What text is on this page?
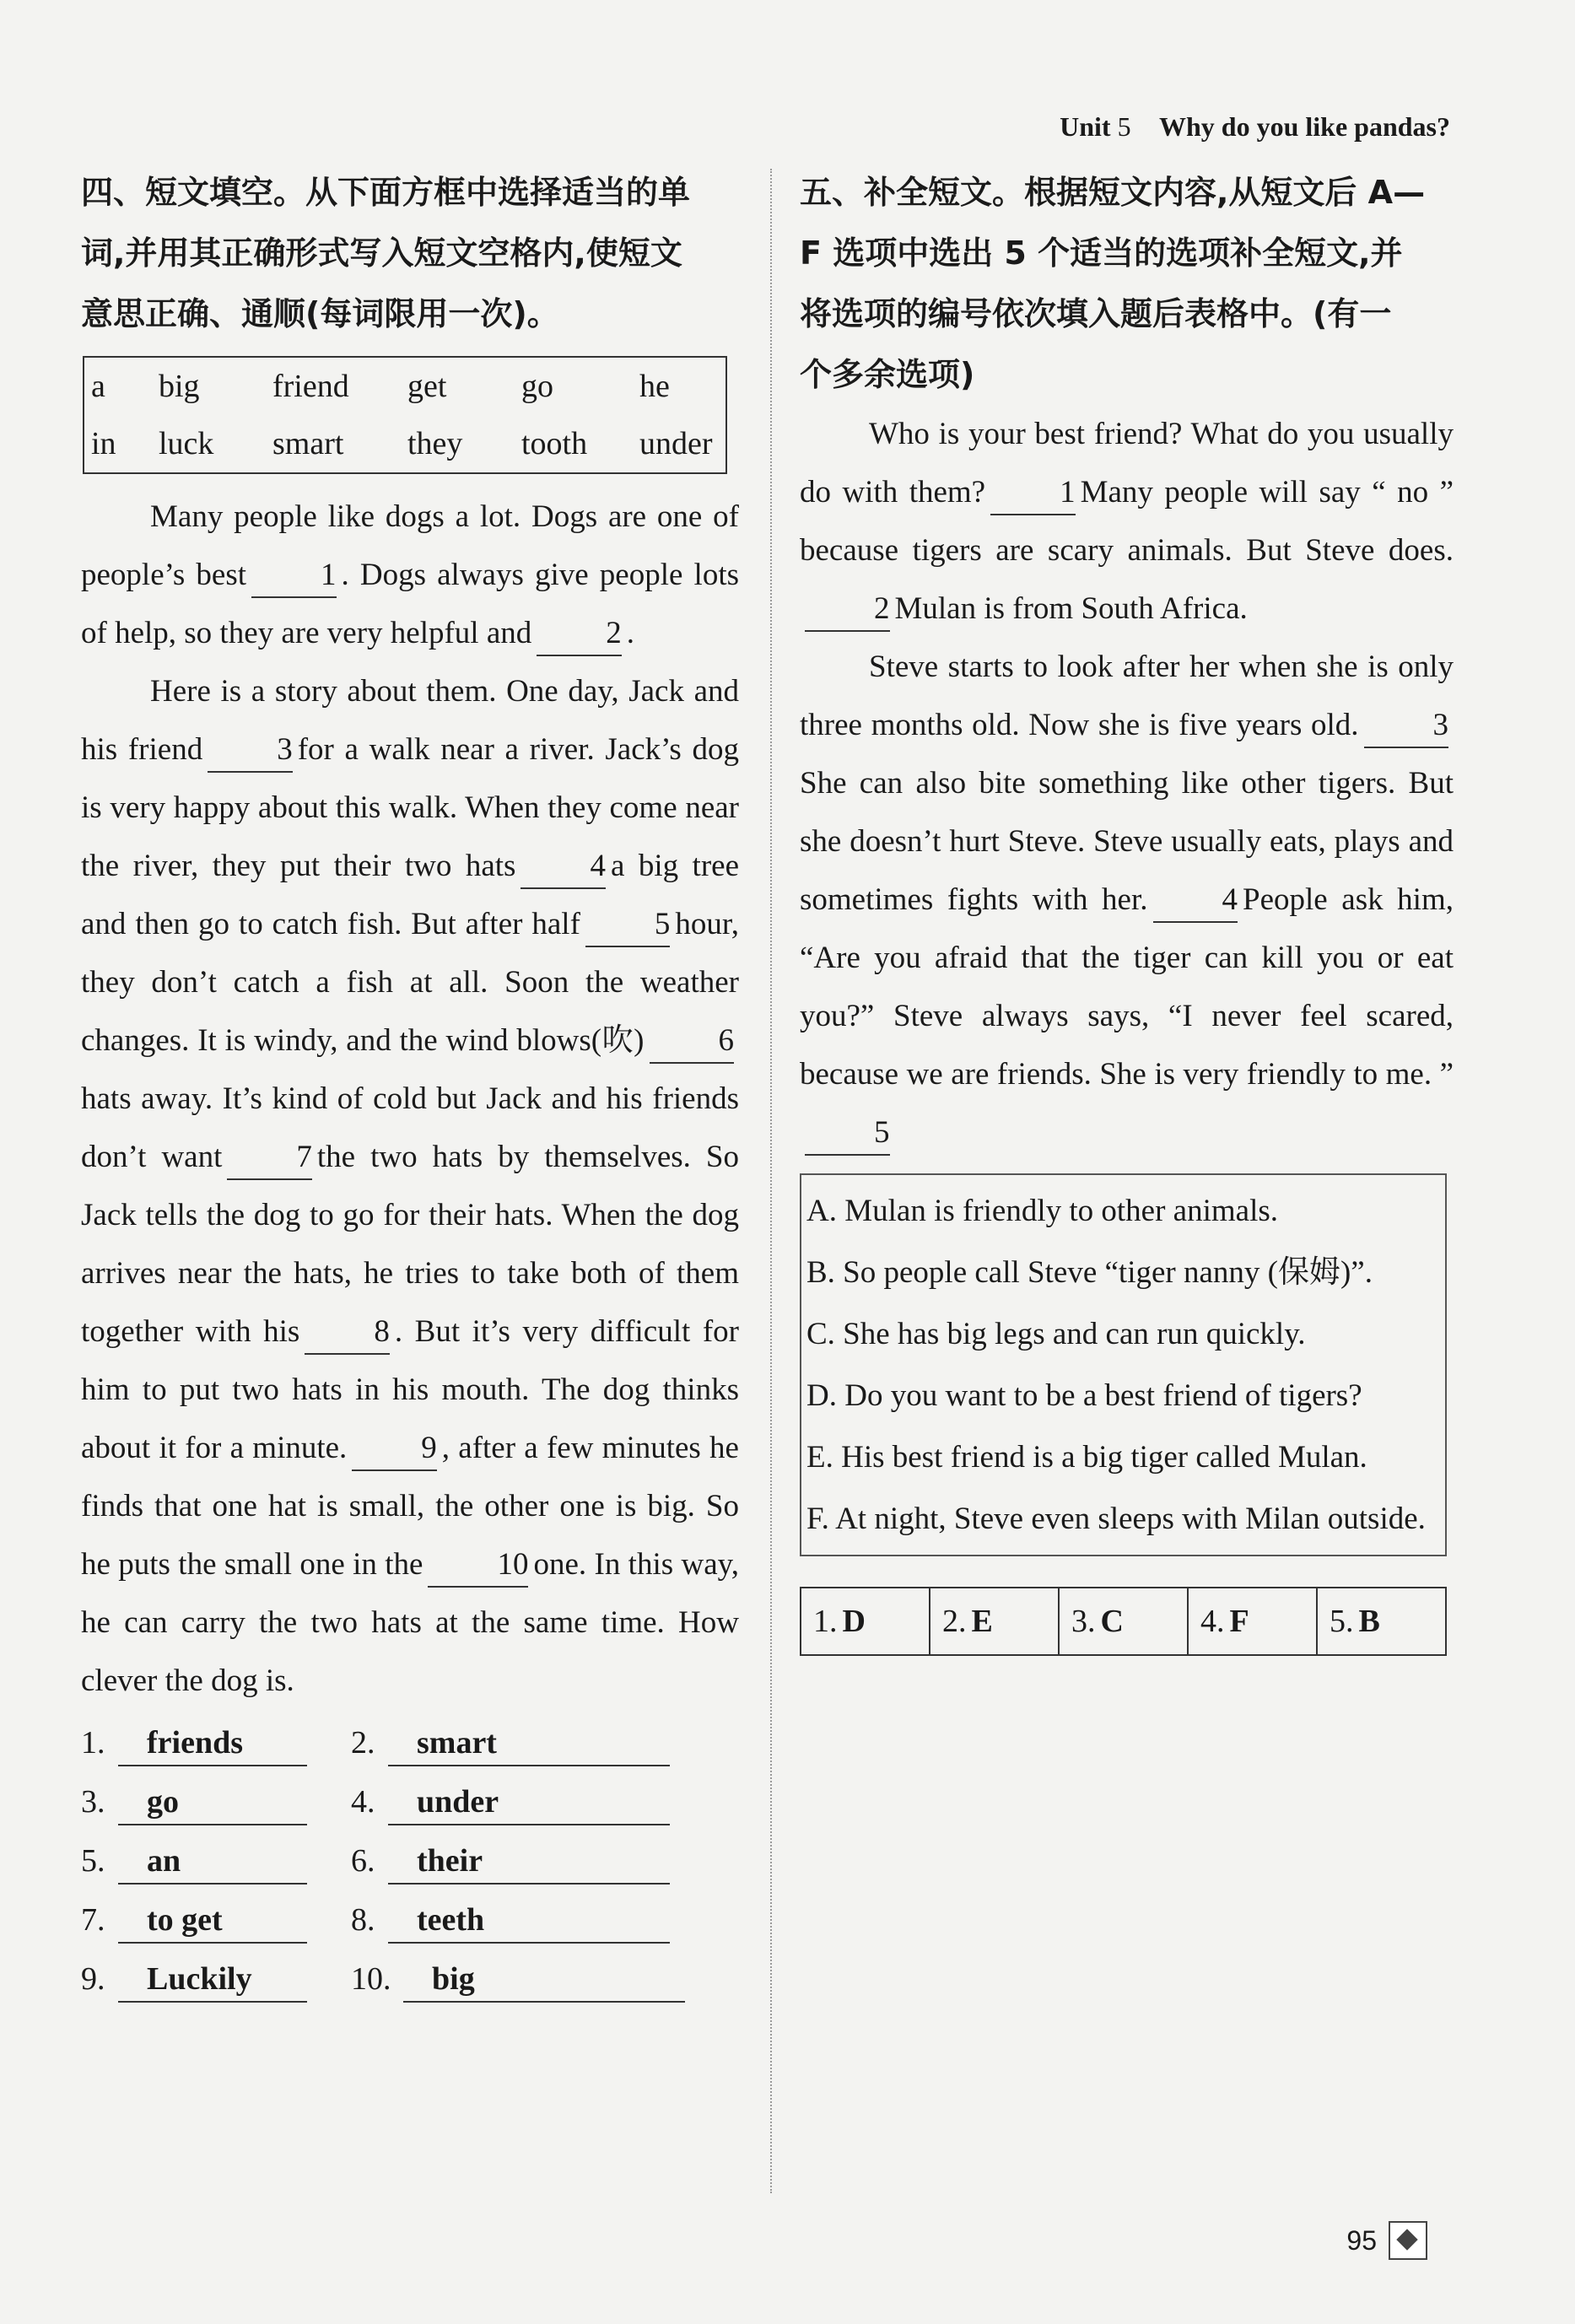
Unit 5 Why do you like pandas?
四、短文填空。从下面方框中选择适当的单
词,并用其正确形式写入短文空格内,使短文
意思正确、通顺(每词限用一次)。
a	big	friend	get	go	he
in	luck	smart	they	tooth	under

Many people like dogs a lot. Dogs are one of people’s best 1 . Dogs always give people lots of help, so they are very helpful and 2 .

Here is a story about them. One day, Jack and his friend 3 for a walk near a river. Jack’s dog is very happy about this walk. When they come near the river, they put their two hats 4 a big tree and then go to catch fish. But after half 5 hour, they don’t catch a fish at all. Soon the weather changes. It is windy, and the wind blows(吹) 6hats away. It’s kind of cold but Jack and his friends don’t want 7 the two hats by themselves. So Jack tells the dog to go for their hats. When the dog arrives near the hats, he tries to take both of them together with his 8 . But it’s very difficult for him to put two hats in his mouth. The dog thinks about it for a minute. 9 , after a few minutes he finds that one hat is small, the other one is big. So he puts the small one in the 10 one. In this way, he can carry the two hats at the same time. How clever the dog is.

1.	friends	2.	smart
3.	go	4.	under
5.	an	6.	their
7.	to get	8.	teeth
9.	Luckily	10.	big
五、补全短文。根据短文内容,从短文后 A—
F 选项中选出 5 个适当的选项补全短文,并
将选项的编号依次填入题后表格中。(有一
个多余选项)

Who is your best friend? What do you usually do with them? 1 Many people will say “ no ” because tigers are scary animals. But Steve does.2 Mulan is from South Africa.

Steve starts to look after her when she is only three months old. Now she is five years old. 3She can also bite something like other tigers. But she doesn’t hurt Steve. Steve usually eats, plays and sometimes fights with her. 4 People ask him, “Are you afraid that the tiger can kill you or eat you?” Steve always says, “I never feel scared, because we are friends. She is very friendly to me. ”5

A. Mulan is friendly to other animals.
B. So people call Steve “tiger nanny (保姆)”.
C. She has big legs and can run quickly.
D. Do you want to be a best friend of tigers?
E. His best friend is a big tiger called Mulan.
F. At night, Steve even sleeps with Milan outside.
1. D	2. E	3. C	4. F	5. B
95
